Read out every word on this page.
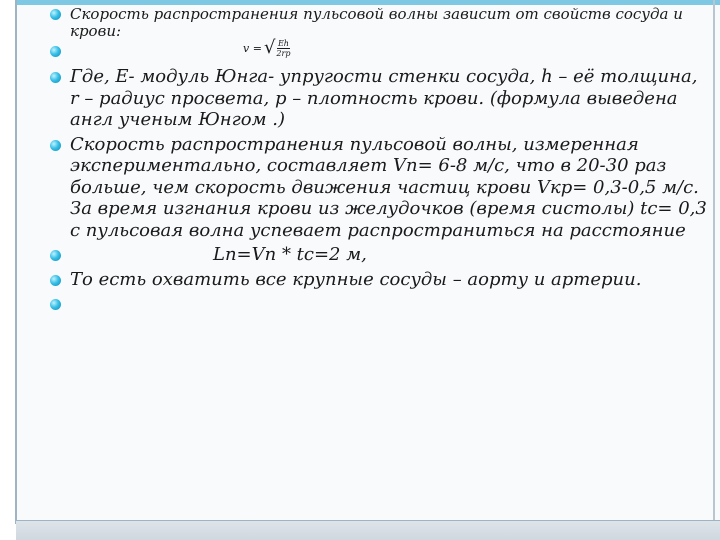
Скорость распространения пульсовой волны зависит от свойств сосуда и крови:
v = √ $\frac{Eh}{2rp}$
Где, Е- модуль Юнга- упругости стенки сосуда, h – её толщина, r – радиус просвета, p – плотность крови. (формула выведена англ ученым Юнгом .)
Скорость распространения пульсовой волны, измеренная экспериментально, составляет Vn= 6-8 м/с, что в 20-30 раз больше, чем скорость движения частиц крови Vкр= 0,3-0,5 м/с. За время изгнания крови из желудочков (время систолы) tс= 0,3 с пульсовая волна успевает распространиться на расстояние
Ln=Vn * tс=2 м,
То есть охватить все крупные сосуды – аорту и артерии.
